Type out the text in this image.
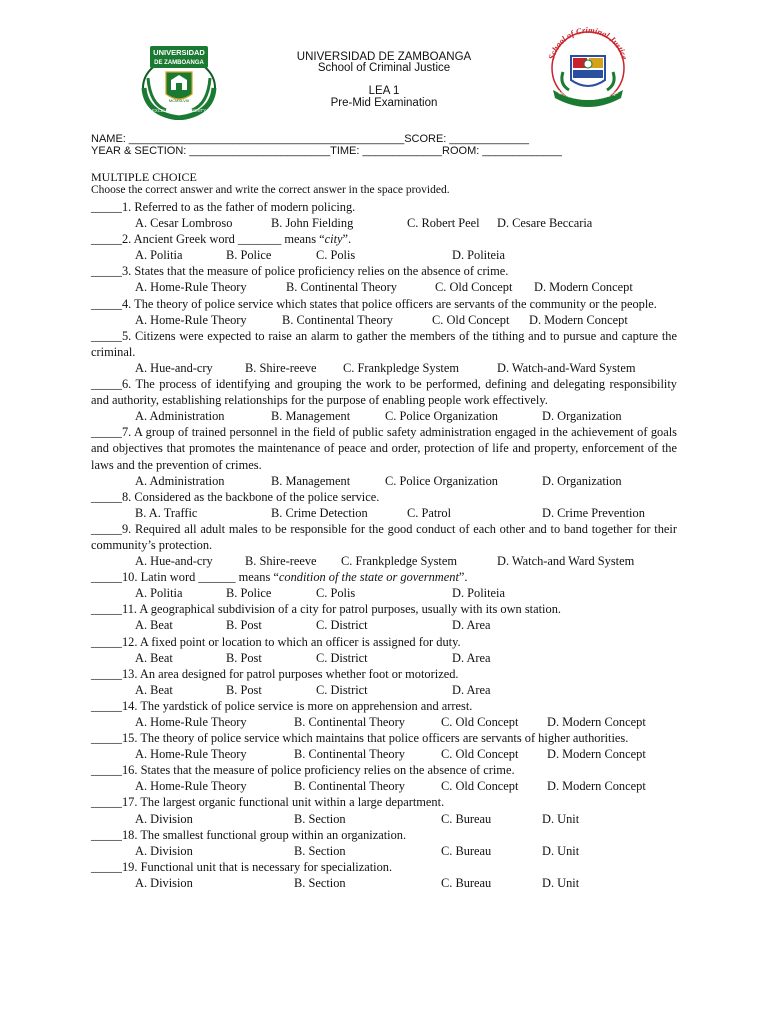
UNIVERSIDAD
DE ZAMBOANGA
MCMXLVIII
EXCELLENCE · INTEGRITY
School of Criminal Justice
Universidad De Zamboanga
UNIVERSIDAD DE ZAMBOANGA
School of Criminal Justice
LEA 1
Pre-Mid Examination
NAME: _____________________________________________SCORE: _____________
YEAR & SECTION: _______________________TIME: _____________ROOM: _____________
MULTIPLE CHOICE
Choose the correct answer and write the correct answer in the space provided.
_____1. Referred to as the father of modern policing.
A. Cesar Lombroso	B. John Fielding	C. Robert Peel D. Cesare Beccaria
_____2. Ancient Greek word _______ means “city”.
A. Politia	B. Police	C. Polis	D. Politeia
_____3. States that the measure of police proficiency relies on the absence of crime.
A. Home-Rule Theory	B. Continental Theory	C. Old Concept D. Modern Concept
_____4. The theory of police service which states that police officers are servants of the community or the people.
A. Home-Rule Theory	B. Continental Theory	C. Old Concept D. Modern Concept
_____5. Citizens were expected to raise an alarm to gather the members of the tithing and to pursue and capture the criminal.
A. Hue-and-cry	B. Shire-reeve C. Frankpledge System	D. Watch-and-Ward System
_____6. The process of identifying and grouping the work to be performed, defining and delegating responsibility and authority, establishing relationships for the purpose of enabling people work effectively.
A. Administration	B. Management	C. Police Organization	D. Organization
_____7. A group of trained personnel in the field of public safety administration engaged in the achievement of goals and objectives that promotes the maintenance of peace and order, protection of life and property, enforcement of the laws and the prevention of crimes.
A. Administration	B. Management	C. Police Organization	D. Organization
_____8. Considered as the backbone of the police service.
B. A. Traffic	B. Crime Detection	C. Patrol	D. Crime Prevention
_____9. Required all adult males to be responsible for the good conduct of each other and to band together for their community’s protection.
A. Hue-and-cry	B. Shire-reeve C. Frankpledge System	D. Watch-and Ward System
_____10. Latin word ______ means “condition of the state or government”.
A. Politia	B. Police	C. Polis	D. Politeia
_____11. A geographical subdivision of a city for patrol purposes, usually with its own station.
A. Beat	B. Post	C. District	D. Area
_____12. A fixed point or location to which an officer is assigned for duty.
A. Beat	B. Post	C. District	D. Area
_____13. An area designed for patrol purposes whether foot or motorized.
A. Beat	B. Post	C. District	D. Area
_____14. The yardstick of police service is more on apprehension and arrest.
A. Home-Rule Theory	B. Continental Theory	C. Old Concept D. Modern Concept
_____15. The theory of police service which maintains that police officers are servants of higher authorities.
A. Home-Rule Theory	B. Continental Theory	C. Old Concept D. Modern Concept
_____16. States that the measure of police proficiency relies on the absence of crime.
A. Home-Rule Theory	B. Continental Theory	C. Old Concept D. Modern Concept
_____17. The largest organic functional unit within a large department.
A. Division	B. Section	C. Bureau	D. Unit
_____18. The smallest functional group within an organization.
A. Division	B. Section	C. Bureau	D. Unit
_____19. Functional unit that is necessary for specialization.
A. Division	B. Section	C. Bureau	D. Unit
